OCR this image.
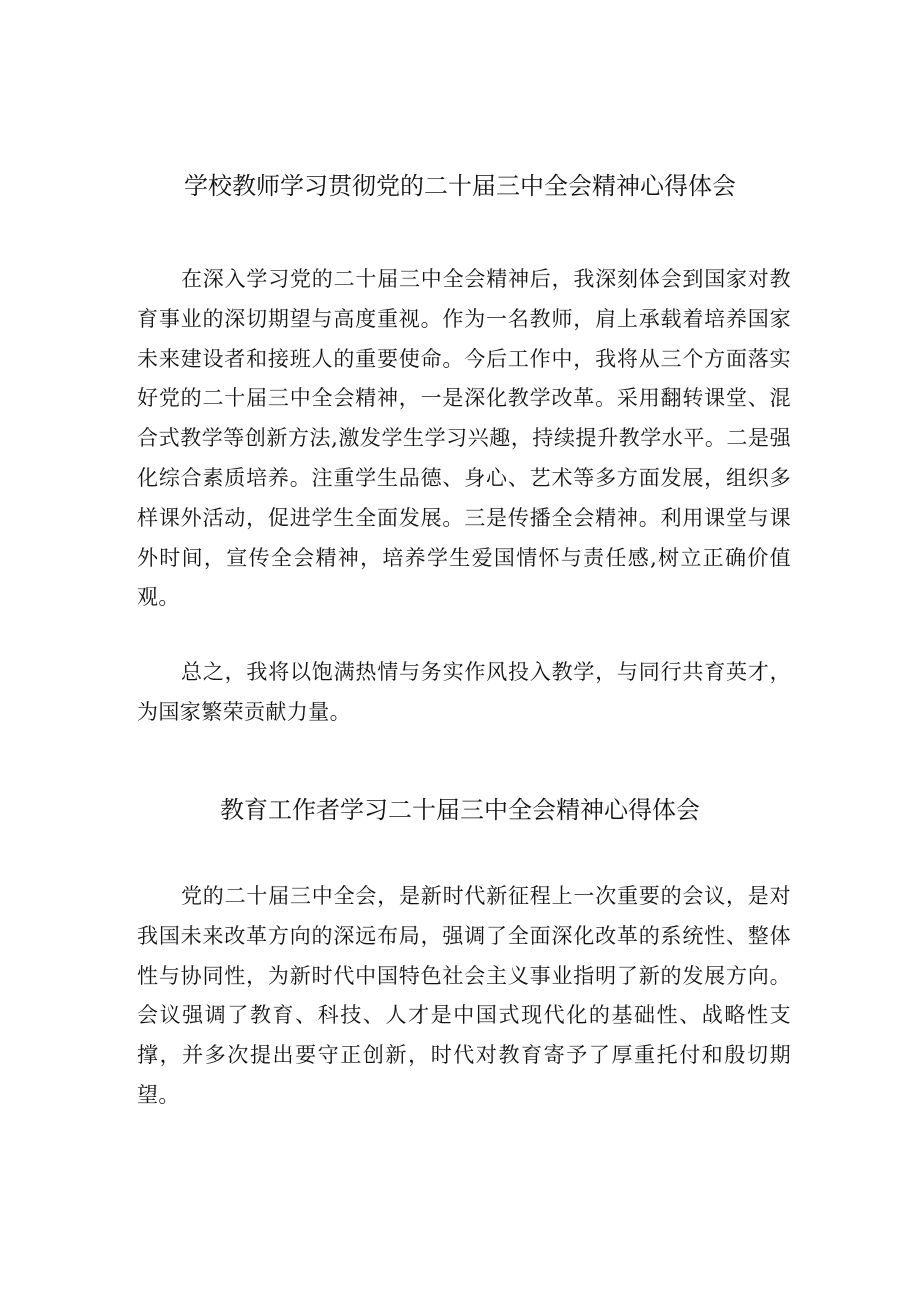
学校教师学习贯彻党的二十届三中全会精神心得体会

在深入学习党的二十届三中全会精神后，我深刻体会到国家对教育事业的深切期望与高度重视。作为一名教师，肩上承载着培养国家未来建设者和接班人的重要使命。今后工作中，我将从三个方面落实好党的二十届三中全会精神，一是深化教学改革。采用翻转课堂、混合式教学等创新方法,激发学生学习兴趣，持续提升教学水平。二是强化综合素质培养。注重学生品德、身心、艺术等多方面发展，组织多样课外活动，促进学生全面发展。三是传播全会精神。利用课堂与课外时间，宣传全会精神，培养学生爱国情怀与责任感,树立正确价值观。

总之，我将以饱满热情与务实作风投入教学，与同行共育英才，为国家繁荣贡献力量。

教育工作者学习二十届三中全会精神心得体会

党的二十届三中全会，是新时代新征程上一次重要的会议，是对我国未来改革方向的深远布局，强调了全面深化改革的系统性、整体性与协同性，为新时代中国特色社会主义事业指明了新的发展方向。会议强调了教育、科技、人才是中国式现代化的基础性、战略性支撑，并多次提出要守正创新，时代对教育寄予了厚重托付和殷切期望。
